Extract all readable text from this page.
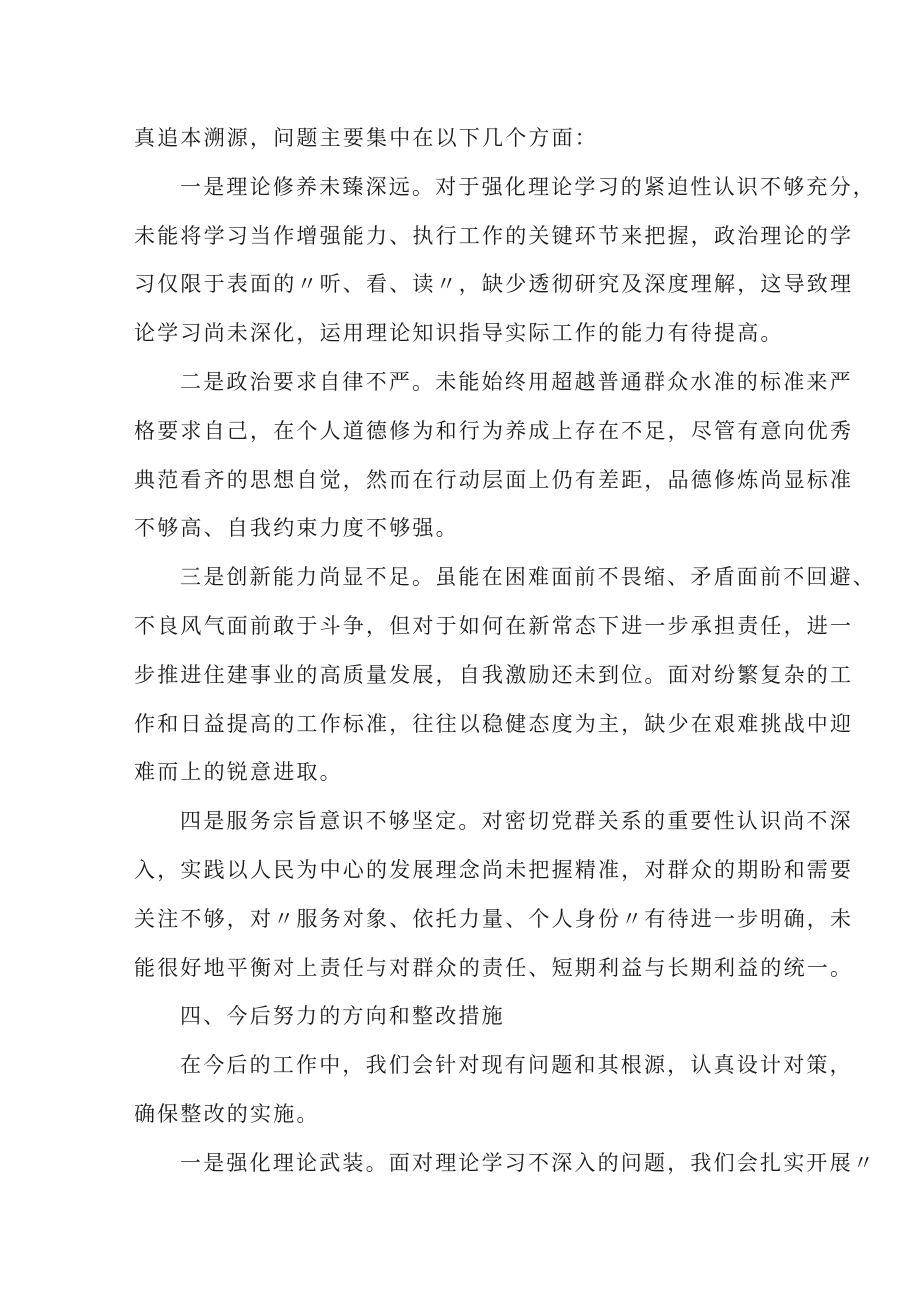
真追本溯源，问题主要集中在以下几个方面：

一是理论修养未臻深远。对于强化理论学习的紧迫性认识不够充分，

未能将学习当作增强能力、执行工作的关键环节来把握，政治理论的学

习仅限于表面的〃听、看、读〃，缺少透彻研究及深度理解，这导致理

论学习尚未深化，运用理论知识指导实际工作的能力有待提高。

二是政治要求自律不严。未能始终用超越普通群众水准的标准来严

格要求自己，在个人道德修为和行为养成上存在不足，尽管有意向优秀

典范看齐的思想自觉，然而在行动层面上仍有差距，品德修炼尚显标准

不够高、自我约束力度不够强。

三是创新能力尚显不足。虽能在困难面前不畏缩、矛盾面前不回避、

不良风气面前敢于斗争，但对于如何在新常态下进一步承担责任，进一

步推进住建事业的高质量发展，自我激励还未到位。面对纷繁复杂的工

作和日益提高的工作标准，往往以稳健态度为主，缺少在艰难挑战中迎

难而上的锐意进取。

四是服务宗旨意识不够坚定。对密切党群关系的重要性认识尚不深

入，实践以人民为中心的发展理念尚未把握精准，对群众的期盼和需要

关注不够，对〃服务对象、依托力量、个人身份〃有待进一步明确，未

能很好地平衡对上责任与对群众的责任、短期利益与长期利益的统一。

四、今后努力的方向和整改措施

在今后的工作中，我们会针对现有问题和其根源，认真设计对策，

确保整改的实施。

一是强化理论武装。面对理论学习不深入的问题，我们会扎实开展〃
